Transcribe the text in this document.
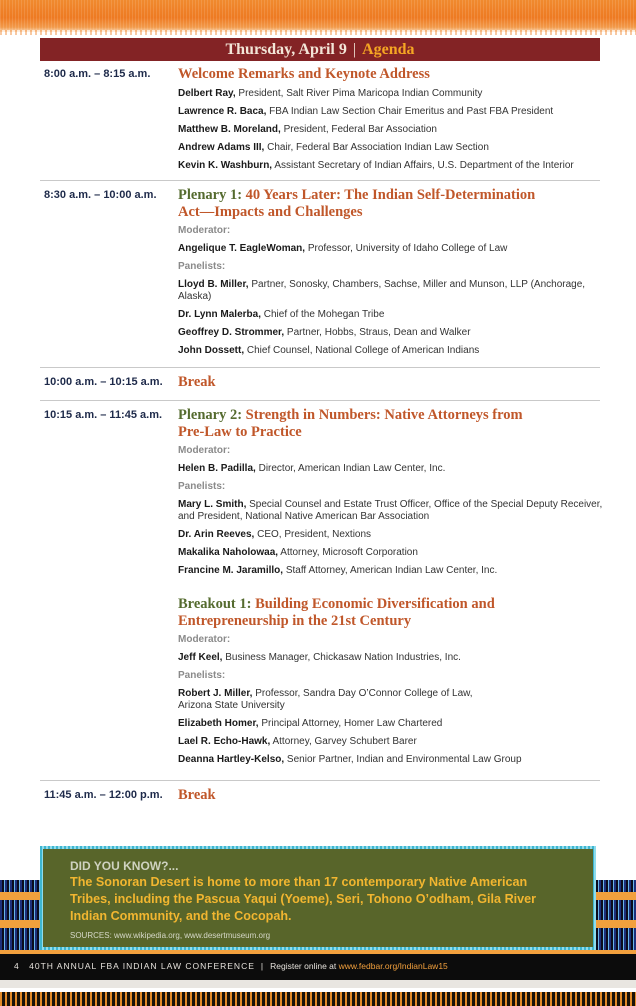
Thursday, April 9 | Agenda
8:00 a.m. – 8:15 a.m.	Welcome Remarks and Keynote Address
Delbert Ray, President, Salt River Pima Maricopa Indian Community
Lawrence R. Baca, FBA Indian Law Section Chair Emeritus and Past FBA President
Matthew B. Moreland, President, Federal Bar Association
Andrew Adams III, Chair, Federal Bar Association Indian Law Section
Kevin K. Washburn, Assistant Secretary of Indian Affairs, U.S. Department of the Interior
8:30 a.m. – 10:00 a.m.	Plenary 1: 40 Years Later: The Indian Self-Determination Act—Impacts and Challenges
Moderator:
Angelique T. EagleWoman, Professor, University of Idaho College of Law
Panelists:
Lloyd B. Miller, Partner, Sonosky, Chambers, Sachse, Miller and Munson, LLP (Anchorage, Alaska)
Dr. Lynn Malerba, Chief of the Mohegan Tribe
Geoffrey D. Strommer, Partner, Hobbs, Straus, Dean and Walker
John Dossett, Chief Counsel, National College of American Indians
10:00 a.m. – 10:15 a.m.	Break
10:15 a.m. – 11:45 a.m.	Plenary 2: Strength in Numbers: Native Attorneys from Pre-Law to Practice
Moderator:
Helen B. Padilla, Director, American Indian Law Center, Inc.
Panelists:
Mary L. Smith, Special Counsel and Estate Trust Officer, Office of the Special Deputy Receiver, and President, National Native American Bar Association
Dr. Arin Reeves, CEO, President, Nextions
Makalika Naholowaa, Attorney, Microsoft Corporation
Francine M. Jaramillo, Staff Attorney, American Indian Law Center, Inc.
Breakout 1: Building Economic Diversification and Entrepreneurship in the 21st Century
Moderator:
Jeff Keel, Business Manager, Chickasaw Nation Industries, Inc.
Panelists:
Robert J. Miller, Professor, Sandra Day O’Connor College of Law, Arizona State University
Elizabeth Homer, Principal Attorney, Homer Law Chartered
Lael R. Echo-Hawk, Attorney, Garvey Schubert Barer
Deanna Hartley-Kelso, Senior Partner, Indian and Environmental Law Group
11:45 a.m. – 12:00 p.m.	Break
DID YOU KNOW?...
The Sonoran Desert is home to more than 17 contemporary Native American Tribes, including the Pascua Yaqui (Yoeme), Seri, Tohono O’odham, Gila River Indian Community, and the Cocopah.
SOURCES: www.wikipedia.org, www.desertmuseum.org
4 40TH ANNUAL FBA INDIAN LAW CONFERENCE | Register online at www.fedbar.org/IndianLaw15
